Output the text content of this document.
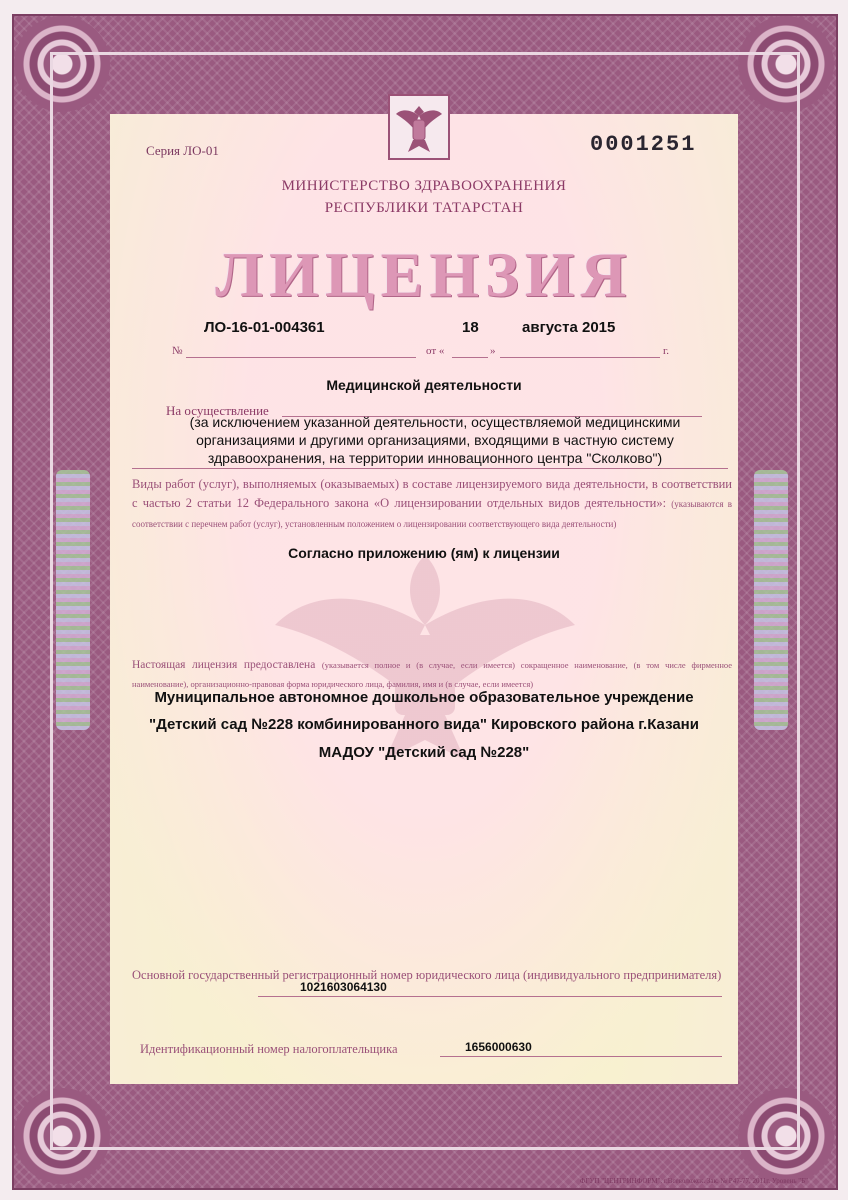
Серия ЛО-01	0001251

МИНИСТЕРСТВО ЗДРАВООХРАНЕНИЯ

РЕСПУБЛИКИ ТАТАРСТАН

ЛИЦЕНЗИЯ

ЛО-16-01-004361	18	августа 2015

№	от «	»	г.

Медицинской деятельности

На осуществление

(за исключением указанной деятельности, осуществляемой медицинскими организациями и другими организациями, входящими в частную систему здравоохранения, на территории инновационного центра "Сколково")

Виды работ (услуг), выполняемых (оказываемых) в составе лицензируемого вида деятельности, в соответствии с частью 2 статьи 12 Федерального закона «О лицензировании отдельных видов деятельности»: (указываются в соответствии с перечнем работ (услуг), установленным положением о лицензировании соответствующего вида деятельности)

Согласно приложению (ям) к лицензии

Настоящая лицензия предоставлена (указывается полное и (в случае, если имеется) сокращенное наименование, (в том числе фирменное наименование), организационно-правовая форма юридического лица, фамилия, имя и (в случае, если имеется)

Муниципальное автономное дошкольное образовательное учреждение

"Детский сад №228 комбинированного вида" Кировского района г.Казани

МАДОУ "Детский сад №228"

Основной государственный регистрационный номер юридического лица (индивидуального предпринимателя)

1021603064130

Идентификационный номер налогоплательщика	1656000630

ФГУП "ЦЕНТРИНФОРМ", г.Всеволожск. Зак. № Р47-77, 2011г. Уровень "Б"
